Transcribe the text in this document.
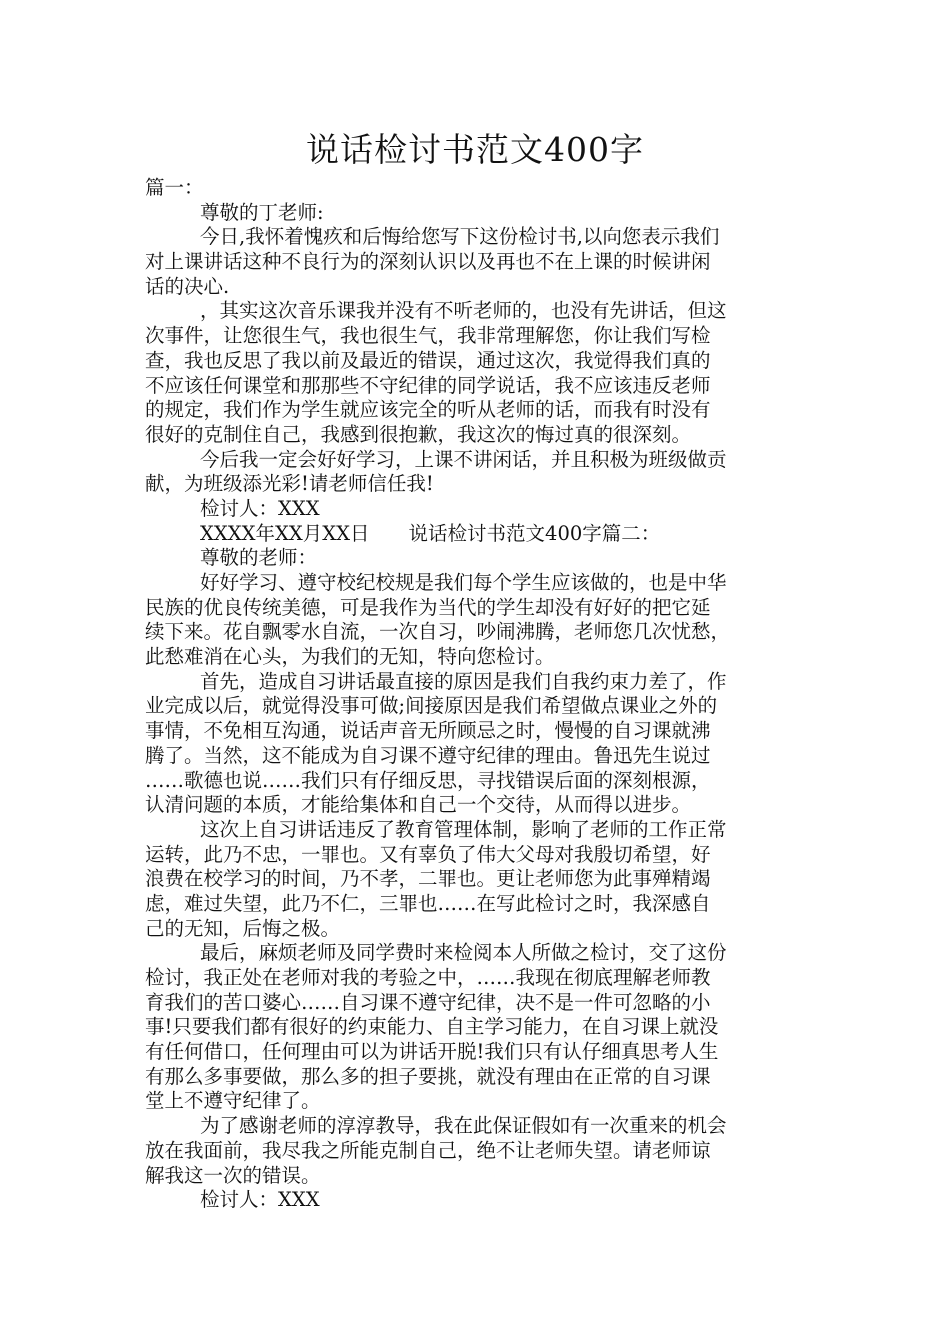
说话检讨书范文400字
篇一：
尊敬的丁老师:
今日,我怀着愧疚和后悔给您写下这份检讨书,以向您表示我们
对上课讲话这种不良行为的深刻认识以及再也不在上课的时候讲闲
话的决心.
，其实这次音乐课我并没有不听老师的，也没有先讲话，但这
次事件，让您很生气，我也很生气，我非常理解您，你让我们写检
查，我也反思了我以前及最近的错误，通过这次，我觉得我们真的
不应该任何课堂和那那些不守纪律的同学说话，我不应该违反老师
的规定，我们作为学生就应该完全的听从老师的话，而我有时没有
很好的克制住自己，我感到很抱歉，我这次的悔过真的很深刻。
今后我一定会好好学习，上课不讲闲话，并且积极为班级做贡
献，为班级添光彩!请老师信任我!
检讨人：XXX
XXXX年XX月XX日　　说话检讨书范文400字篇二：
尊敬的老师：
好好学习、遵守校纪校规是我们每个学生应该做的，也是中华
民族的优良传统美德，可是我作为当代的学生却没有好好的把它延
续下来。花自飘零水自流，一次自习，吵闹沸腾，老师您几次忧愁，
此愁难消在心头，为我们的无知，特向您检讨。
首先，造成自习讲话最直接的原因是我们自我约束力差了，作
业完成以后，就觉得没事可做;间接原因是我们希望做点课业之外的
事情，不免相互沟通，说话声音无所顾忌之时，慢慢的自习课就沸
腾了。当然，这不能成为自习课不遵守纪律的理由。鲁迅先生说过
……歌德也说……我们只有仔细反思，寻找错误后面的深刻根源，
认清问题的本质，才能给集体和自己一个交待，从而得以进步。
这次上自习讲话违反了教育管理体制，影响了老师的工作正常
运转，此乃不忠，一罪也。又有辜负了伟大父母对我殷切希望，好
浪费在校学习的时间，乃不孝，二罪也。更让老师您为此事殚精竭
虑，难过失望，此乃不仁，三罪也……在写此检讨之时，我深感自
己的无知，后悔之极。
最后，麻烦老师及同学费时来检阅本人所做之检讨，交了这份
检讨，我正处在老师对我的考验之中，……我现在彻底理解老师教
育我们的苦口婆心……自习课不遵守纪律，决不是一件可忽略的小
事!只要我们都有很好的约束能力、自主学习能力，在自习课上就没
有任何借口，任何理由可以为讲话开脱!我们只有认仔细真思考人生
有那么多事要做，那么多的担子要挑，就没有理由在正常的自习课
堂上不遵守纪律了。
为了感谢老师的淳淳教导，我在此保证假如有一次重来的机会
放在我面前，我尽我之所能克制自己，绝不让老师失望。请老师谅
解我这一次的错误。
检讨人：XXX
